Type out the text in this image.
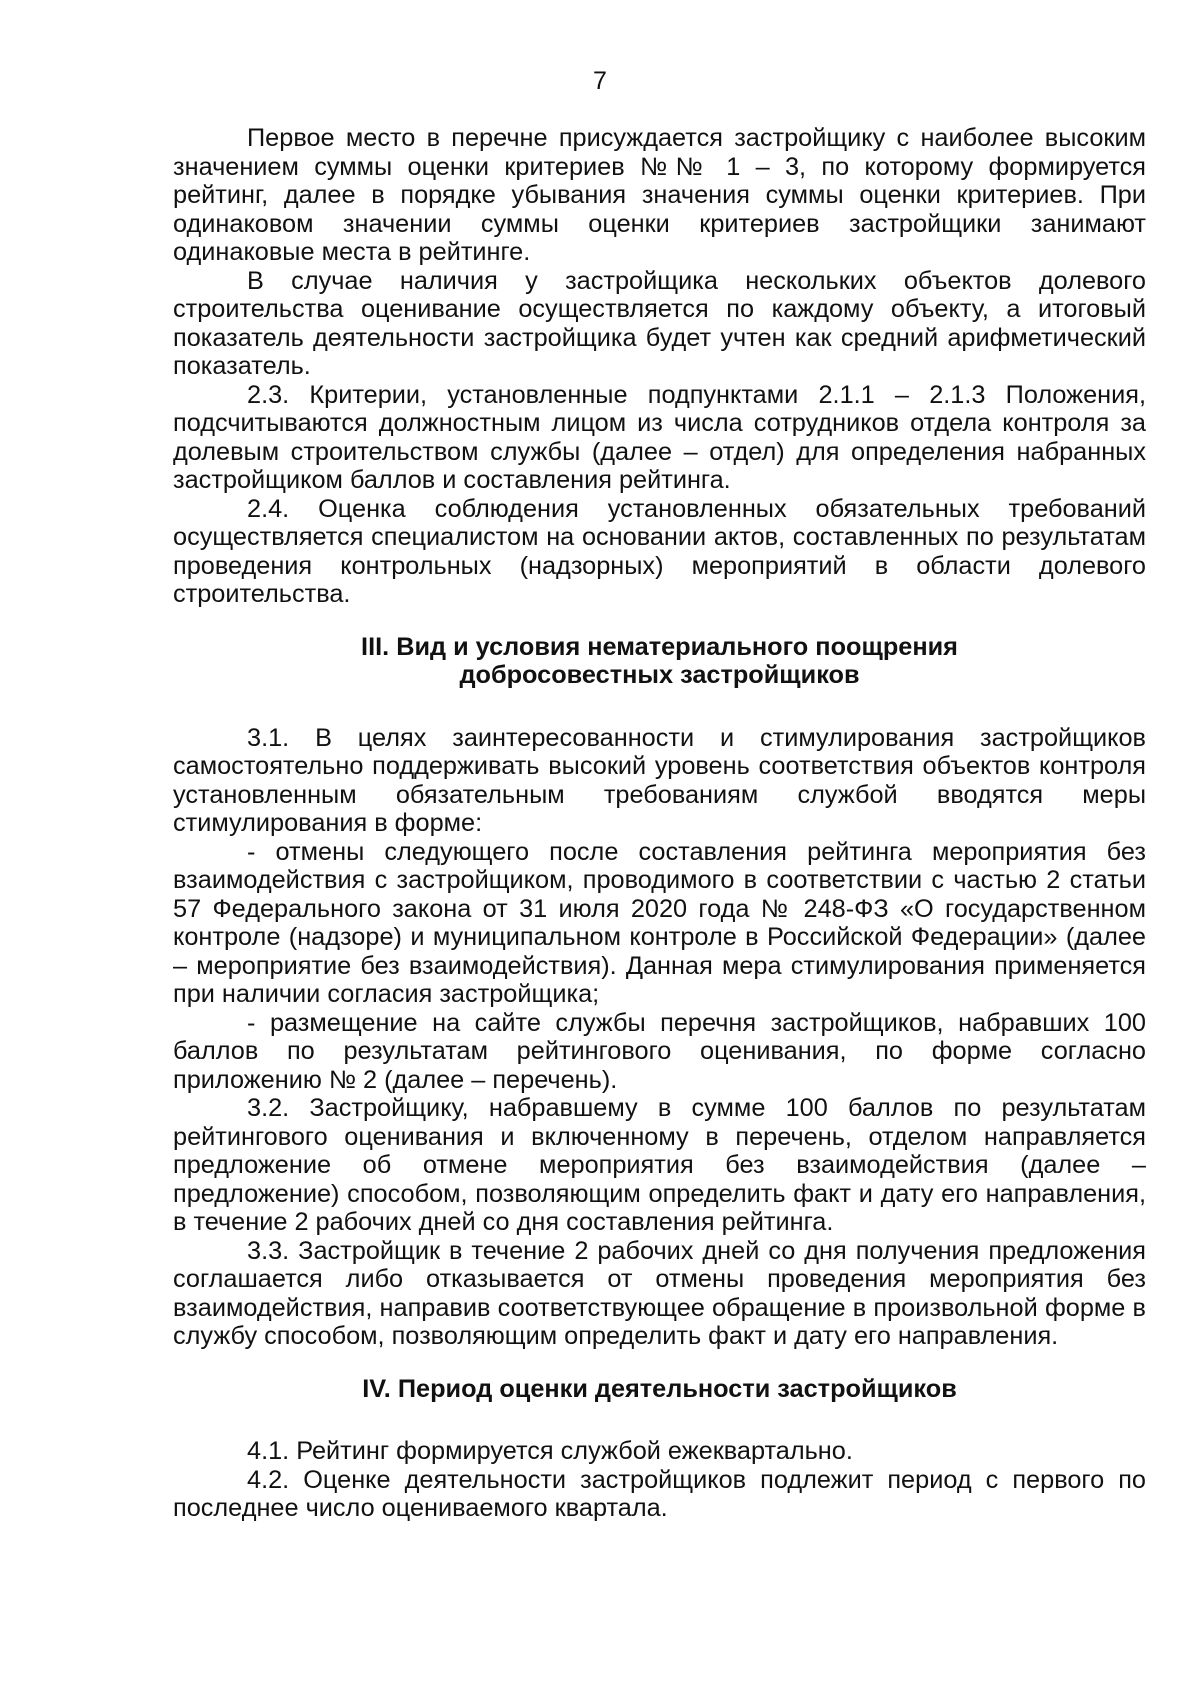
7

Первое место в перечне присуждается застройщику с наиболее высоким значением суммы оценки критериев №№ 1 – 3, по которому формируется рейтинг, далее в порядке убывания значения суммы оценки критериев. При одинаковом значении суммы оценки критериев застройщики занимают одинаковые места в рейтинге.

В случае наличия у застройщика нескольких объектов долевого строительства оценивание осуществляется по каждому объекту, а итоговый показатель деятельности застройщика будет учтен как средний арифметический показатель.

2.3. Критерии, установленные подпунктами 2.1.1 – 2.1.3 Положения, подсчитываются должностным лицом из числа сотрудников отдела контроля за долевым строительством службы (далее – отдел) для определения набранных застройщиком баллов и составления рейтинга.

2.4. Оценка соблюдения установленных обязательных требований осуществляется специалистом на основании актов, составленных по результатам проведения контрольных (надзорных) мероприятий в области долевого строительства.

III. Вид и условия нематериального поощрения
добросовестных застройщиков

3.1. В целях заинтересованности и стимулирования застройщиков самостоятельно поддерживать высокий уровень соответствия объектов контроля установленным обязательным требованиям службой вводятся меры стимулирования в форме:

- отмены следующего после составления рейтинга мероприятия без взаимодействия с застройщиком, проводимого в соответствии с частью 2 статьи 57 Федерального закона от 31 июля 2020 года № 248-ФЗ «О государственном контроле (надзоре) и муниципальном контроле в Российской Федерации» (далее – мероприятие без взаимодействия). Данная мера стимулирования применяется при наличии согласия застройщика;

- размещение на сайте службы перечня застройщиков, набравших 100 баллов по результатам рейтингового оценивания, по форме согласно приложению № 2 (далее – перечень).

3.2. Застройщику, набравшему в сумме 100 баллов по результатам рейтингового оценивания и включенному в перечень, отделом направляется предложение об отмене мероприятия без взаимодействия (далее – предложение) способом, позволяющим определить факт и дату его направления, в течение 2 рабочих дней со дня составления рейтинга.

3.3. Застройщик в течение 2 рабочих дней со дня получения предложения соглашается либо отказывается от отмены проведения мероприятия без взаимодействия, направив соответствующее обращение в произвольной форме в службу способом, позволяющим определить факт и дату его направления.

IV. Период оценки деятельности застройщиков

4.1. Рейтинг формируется службой ежеквартально.

4.2. Оценке деятельности застройщиков подлежит период с первого по последнее число оцениваемого квартала.
